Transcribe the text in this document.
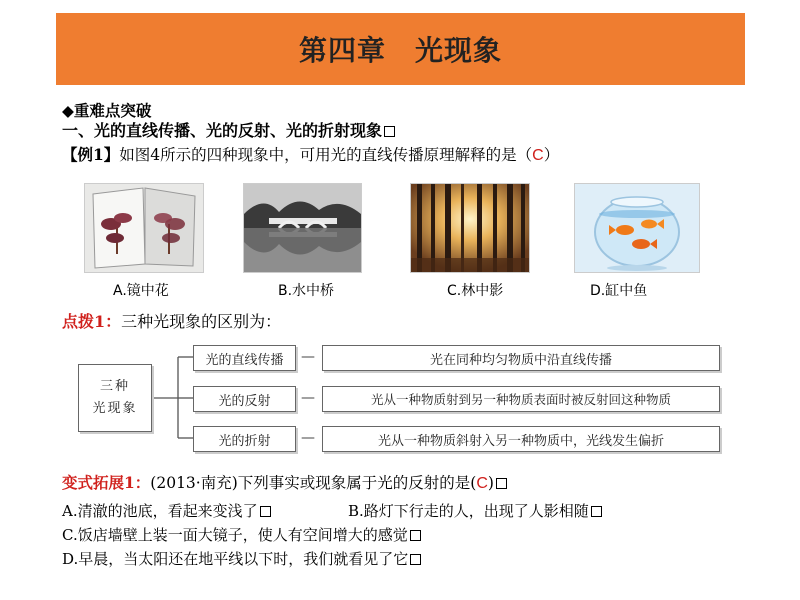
第四章　光现象
◆重难点突破
一、光的直线传播、光的反射、光的折射现象
【例1】如图4所示的四种现象中，可用光的直线传播原理解释的是（C）
A.镜中花	B.水中桥	C.林中影	D.缸中鱼
点拨1：三种光现象的区别为：
三种
光现象
光的直线传播 —	光在同种均匀物质中沿直线传播
光的反射 —	光从一种物质射到另一种物质表面时被反射回这种物质
光的折射 —	光从一种物质斜射入另一种物质中，光线发生偏折
变式拓展1：(2013·南充)下列事实或现象属于光的反射的是(C)
A.清澈的池底，看起来变浅了	B.路灯下行走的人，出现了人影相随
C.饭店墙壁上装一面大镜子，使人有空间增大的感觉
D.早晨，当太阳还在地平线以下时，我们就看见了它
